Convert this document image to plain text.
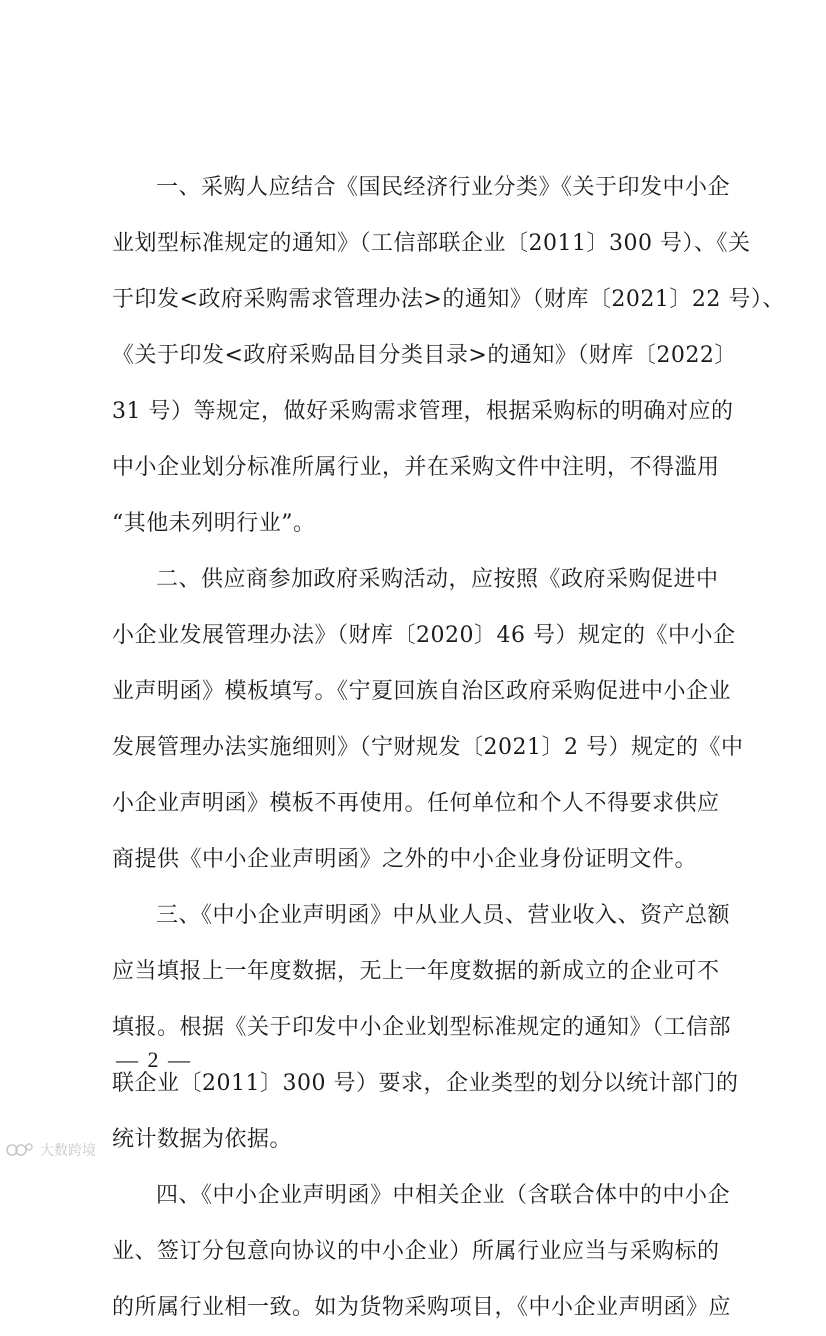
一、采购人应结合《国民经济行业分类》《关于印发中小企
业划型标准规定的通知》（工信部联企业〔2011〕300 号）、《关
于印发<政府采购需求管理办法>的通知》（财库〔2021〕22 号）、
《关于印发<政府采购品目分类目录>的通知》（财库〔2022〕
31 号）等规定，做好采购需求管理，根据采购标的明确对应的
中小企业划分标准所属行业，并在采购文件中注明，不得滥用
“其他未列明行业”。
二、供应商参加政府采购活动，应按照《政府采购促进中
小企业发展管理办法》（财库〔2020〕46 号）规定的《中小企
业声明函》模板填写。《宁夏回族自治区政府采购促进中小企业
发展管理办法实施细则》（宁财规发〔2021〕2 号）规定的《中
小企业声明函》模板不再使用。任何单位和个人不得要求供应
商提供《中小企业声明函》之外的中小企业身份证明文件。
三、《中小企业声明函》中从业人员、营业收入、资产总额
应当填报上一年度数据，无上一年度数据的新成立的企业可不
填报。根据《关于印发中小企业划型标准规定的通知》（工信部
联企业〔2011〕300 号）要求，企业类型的划分以统计部门的
统计数据为依据。
四、《中小企业声明函》中相关企业（含联合体中的中小企
业、签订分包意向协议的中小企业）所属行业应当与采购标的
的所属行业相一致。如为货物采购项目，《中小企业声明函》应
— 2 —
大数跨境
